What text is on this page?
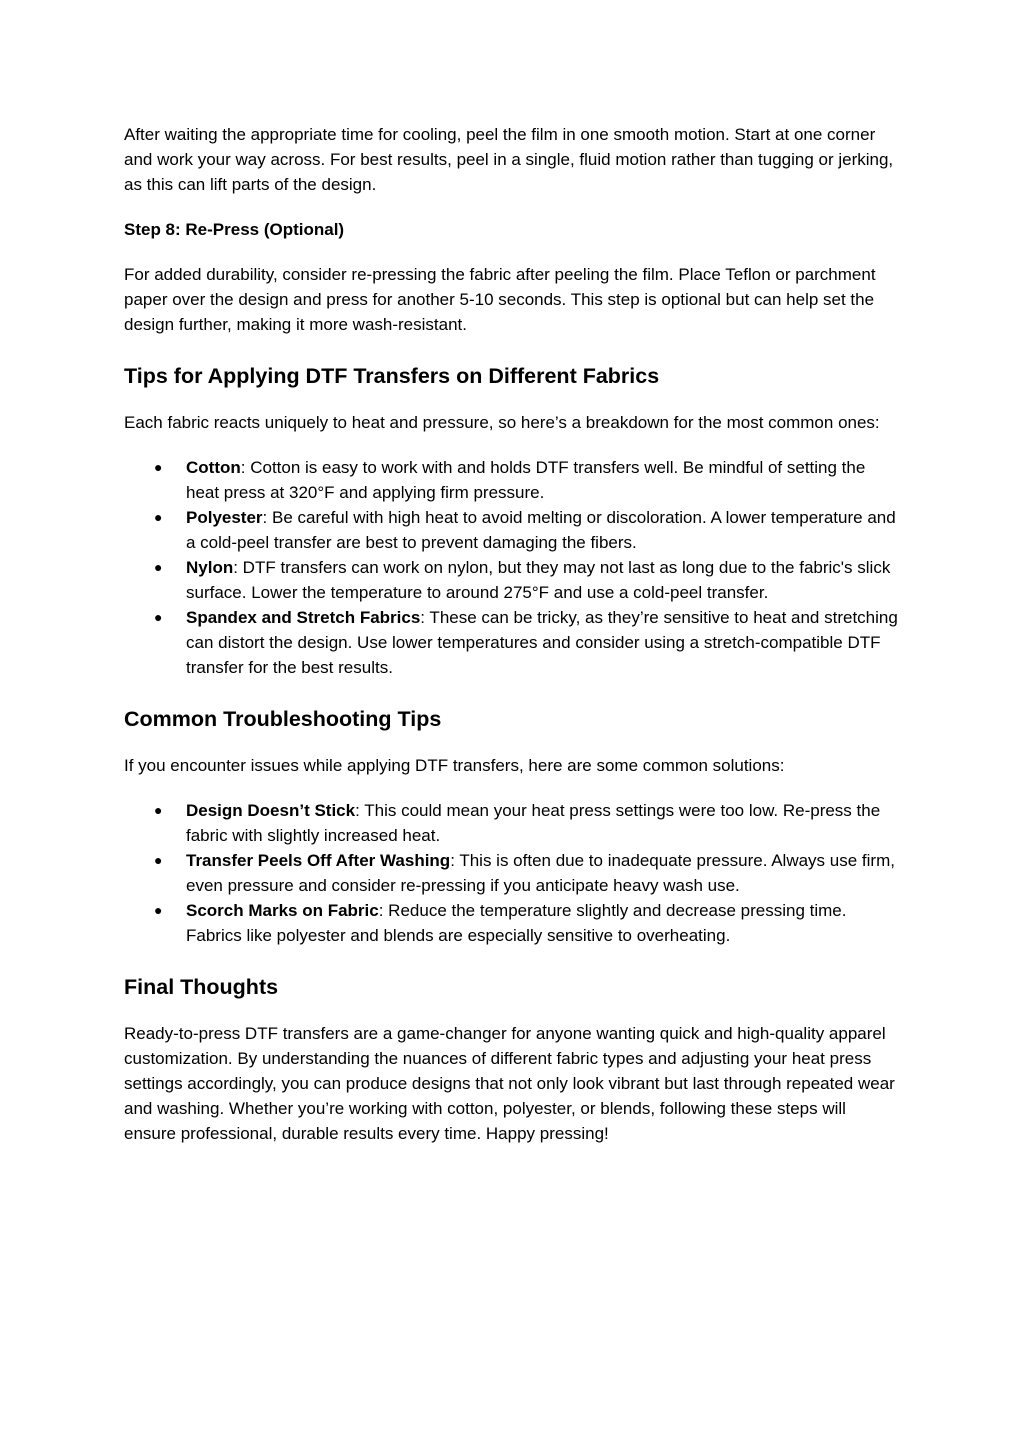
After waiting the appropriate time for cooling, peel the film in one smooth motion. Start at one corner and work your way across. For best results, peel in a single, fluid motion rather than tugging or jerking, as this can lift parts of the design.

Step 8: Re-Press (Optional)

For added durability, consider re-pressing the fabric after peeling the film. Place Teflon or parchment paper over the design and press for another 5-10 seconds. This step is optional but can help set the design further, making it more wash-resistant.

Tips for Applying DTF Transfers on Different Fabrics

Each fabric reacts uniquely to heat and pressure, so here’s a breakdown for the most common ones:

● Cotton: Cotton is easy to work with and holds DTF transfers well. Be mindful of setting the heat press at 320°F and applying firm pressure.
● Polyester: Be careful with high heat to avoid melting or discoloration. A lower temperature and a cold-peel transfer are best to prevent damaging the fibers.
● Nylon: DTF transfers can work on nylon, but they may not last as long due to the fabric's slick surface. Lower the temperature to around 275°F and use a cold-peel transfer.
● Spandex and Stretch Fabrics: These can be tricky, as they’re sensitive to heat and stretching can distort the design. Use lower temperatures and consider using a stretch-compatible DTF transfer for the best results.
Common Troubleshooting Tips

If you encounter issues while applying DTF transfers, here are some common solutions:

● Design Doesn’t Stick: This could mean your heat press settings were too low. Re-press the fabric with slightly increased heat.
● Transfer Peels Off After Washing: This is often due to inadequate pressure. Always use firm, even pressure and consider re-pressing if you anticipate heavy wash use.
● Scorch Marks on Fabric: Reduce the temperature slightly and decrease pressing time. Fabrics like polyester and blends are especially sensitive to overheating.
Final Thoughts

Ready-to-press DTF transfers are a game-changer for anyone wanting quick and high-quality apparel customization. By understanding the nuances of different fabric types and adjusting your heat press settings accordingly, you can produce designs that not only look vibrant but last through repeated wear and washing. Whether you’re working with cotton, polyester, or blends, following these steps will ensure professional, durable results every time. Happy pressing!
